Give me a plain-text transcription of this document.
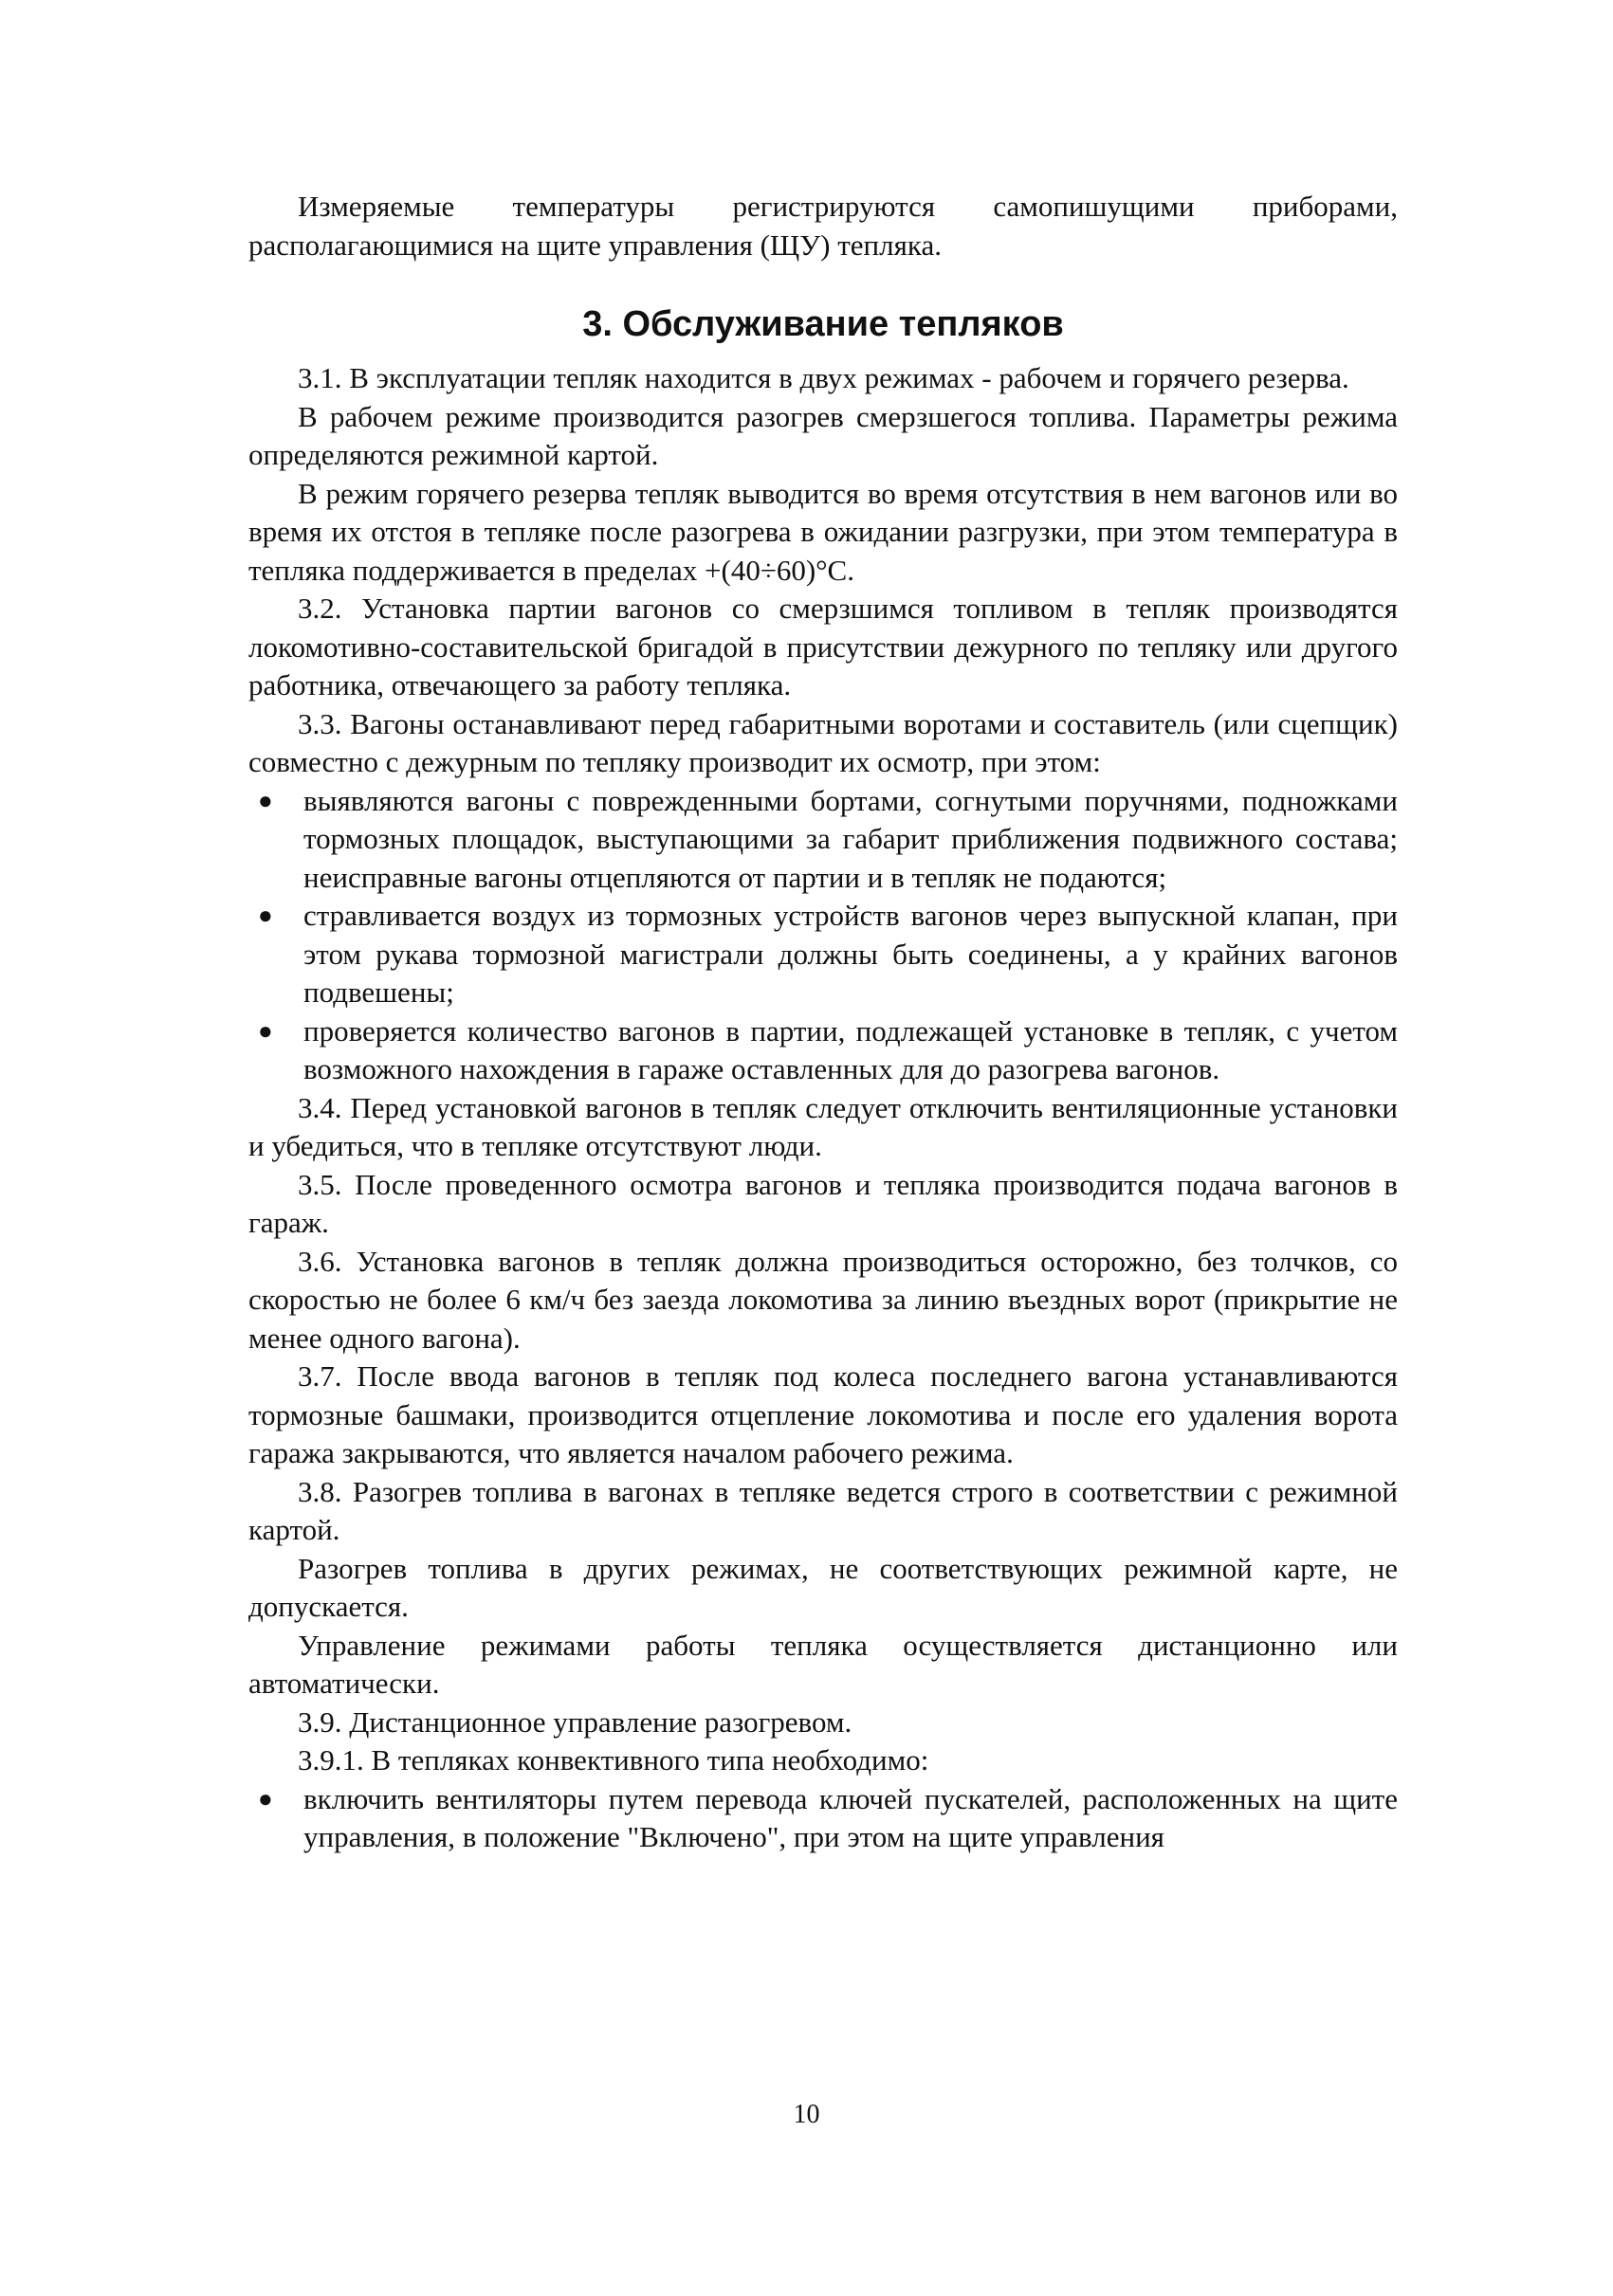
Измеряемые температуры регистрируются самопишущими приборами, располагающимися на щите управления (ЩУ) тепляка.

3. Обслуживание тепляков

3.1. В эксплуатации тепляк находится в двух режимах - рабочем и горячего резерва.

В рабочем режиме производится разогрев смерзшегося топлива. Параметры режима определяются режимной картой.

В режим горячего резерва тепляк выводится во время отсутствия в нем вагонов или во время их отстоя в тепляке после разогрева в ожидании разгрузки, при этом температура в тепляка поддерживается в пределах +(40÷60)°С.

3.2. Установка партии вагонов со смерзшимся топливом в тепляк производятся локомотивно-составительской бригадой в присутствии дежурного по тепляку или другого работника, отвечающего за работу тепляка.

3.3. Вагоны останавливают перед габаритными воротами и составитель (или сцепщик) совместно с дежурным по тепляку производит их осмотр, при этом:

● выявляются вагоны с поврежденными бортами, согнутыми поручнями, подножками тормозных площадок, выступающими за габарит приближения подвижного состава; неисправные вагоны отцепляются от партии и в тепляк не подаются;
● стравливается воздух из тормозных устройств вагонов через выпускной клапан, при этом рукава тормозной магистрали должны быть соединены, а у крайних вагонов подвешены;
● проверяется количество вагонов в партии, подлежащей установке в тепляк, с учетом возможного нахождения в гараже оставленных для до разогрева вагонов.

3.4. Перед установкой вагонов в тепляк следует отключить вентиляционные установки и убедиться, что в тепляке отсутствуют люди.

3.5. После проведенного осмотра вагонов и тепляка производится подача вагонов в гараж.

3.6. Установка вагонов в тепляк должна производиться осторожно, без толчков, со скоростью не более 6 км/ч без заезда локомотива за линию въездных ворот (прикрытие не менее одного вагона).

3.7. После ввода вагонов в тепляк под колеса последнего вагона устанавливаются тормозные башмаки, производится отцепление локомотива и после его удаления ворота гаража закрываются, что является началом рабочего режима.

3.8. Разогрев топлива в вагонах в тепляке ведется строго в соответствии с режимной картой.

Разогрев топлива в других режимах, не соответствующих режимной карте, не допускается.

Управление режимами работы тепляка осуществляется дистанционно или автоматически.

3.9. Дистанционное управление разогревом.

3.9.1. В тепляках конвективного типа необходимо:

● включить вентиляторы путем перевода ключей пускателей, расположенных на щите управления, в положение "Включено", при этом на щите управления
10
